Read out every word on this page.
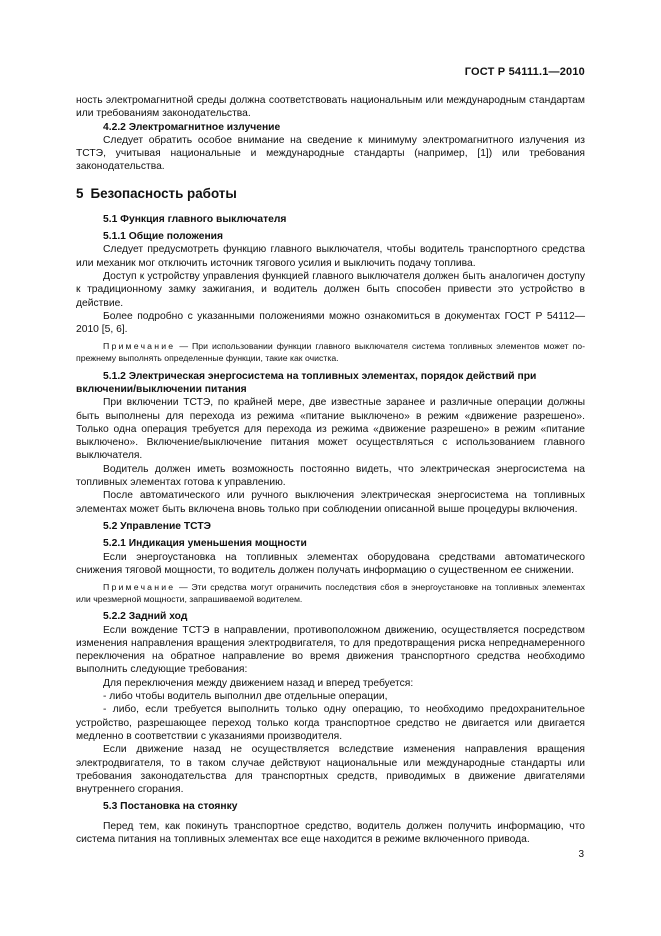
ГОСТ Р 54111.1—2010

ность электромагнитной среды должна соответствовать национальным или международным стандартам или требованиям законодательства.

4.2.2 Электромагнитное излучение

Следует обратить особое внимание на сведение к минимуму электромагнитного излучения из ТСТЭ, учитывая национальные и международные стандарты (например, [1]) или требования законодательства.

5 Безопасность работы

5.1 Функция главного выключателя

5.1.1 Общие положения

Следует предусмотреть функцию главного выключателя, чтобы водитель транспортного средства или механик мог отключить источник тягового усилия и выключить подачу топлива.

Доступ к устройству управления функцией главного выключателя должен быть аналогичен доступу к традиционному замку зажигания, и водитель должен быть способен привести это устройство в действие.

Более подробно с указанными положениями можно ознакомиться в документах ГОСТ Р 54112—2010 [5, 6].

Примечание — При использовании функции главного выключателя система топливных элементов может по-прежнему выполнять определенные функции, такие как очистка.

5.1.2 Электрическая энергосистема на топливных элементах, порядок действий при включении/выключении питания

При включении ТСТЭ, по крайней мере, две известные заранее и различные операции должны быть выполнены для перехода из режима «питание выключено» в режим «движение разрешено». Только одна операция требуется для перехода из режима «движение разрешено» в режим «питание выключено». Включение/выключение питания может осуществляться с использованием главного выключателя.

Водитель должен иметь возможность постоянно видеть, что электрическая энергосистема на топливных элементах готова к управлению.

После автоматического или ручного выключения электрическая энергосистема на топливных элементах может быть включена вновь только при соблюдении описанной выше процедуры включения.

5.2 Управление ТСТЭ

5.2.1 Индикация уменьшения мощности

Если энергоустановка на топливных элементах оборудована средствами автоматического снижения тяговой мощности, то водитель должен получать информацию о существенном ее снижении.

Примечание — Эти средства могут ограничить последствия сбоя в энергоустановке на топливных элементах или чрезмерной мощности, запрашиваемой водителем.

5.2.2 Задний ход

Если вождение ТСТЭ в направлении, противоположном движению, осуществляется посредством изменения направления вращения электродвигателя, то для предотвращения риска непреднамеренного переключения на обратное направление во время движения транспортного средства необходимо выполнить следующие требования:

Для переключения между движением назад и вперед требуется:

- либо чтобы водитель выполнил две отдельные операции,

- либо, если требуется выполнить только одну операцию, то необходимо предохранительное устройство, разрешающее переход только когда транспортное средство не двигается или двигается медленно в соответствии с указаниями производителя.

Если движение назад не осуществляется вследствие изменения направления вращения электродвигателя, то в таком случае действуют национальные или международные стандарты или требования законодательства для транспортных средств, приводимых в движение двигателями внутреннего сгорания.

5.3 Постановка на стоянку

Перед тем, как покинуть транспортное средство, водитель должен получить информацию, что система питания на топливных элементах все еще находится в режиме включенного привода.

3
